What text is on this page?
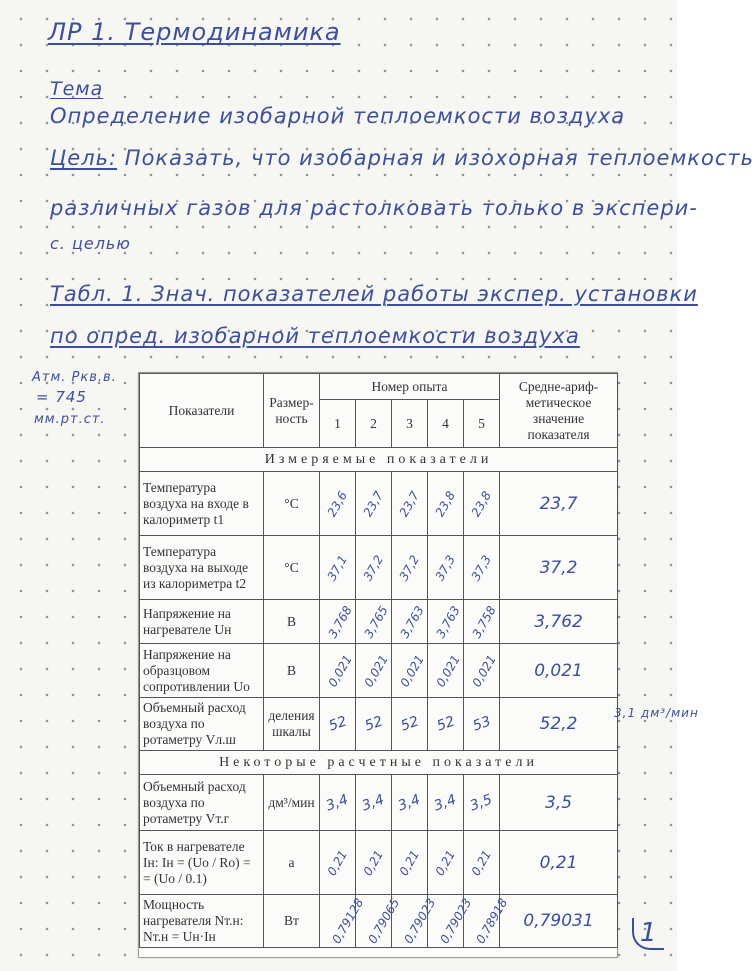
ЛР 1. Термодинамика
Тема
Определение изобарной теплоемкости воздуха
Цель: Показать, что изобарная и изохорная теплоемкость
различных газов для растолковать только в экспери-
с. целью
Табл. 1. Знач. показателей работы экспер. установки
по опред. изобарной теплоемкости воздуха
Атм. Ркв.в.
= 745
мм.рт.ст.
Показатели	Размер-ность	Номер опыта					Средне-ариф-метическое значение показателя
		1	2	3	4	5	
Измеряемые показатели							
Температура воздуха на входе в калориметр t1	°C	23,6	23,7	23,7	23,8	23,8	23,7
Температура воздуха на выходе из калориметра t2	°C	37,1	37,2	37,2	37,3	37,3	37,2
Напряжение на нагревателе Uн	В	3,768	3,765	3,763	3,763	3,758	3,762
Напряжение на образцовом сопротивлении Uо	В	0,021	0,021	0,021	0,021	0,021	0,021
Объемный расход воздуха по ротаметру Vл.ш	деления шкалы	52	52	52	52	53	52,2
Некоторые расчетные показатели							
Объемный расход воздуха по ротаметру Vт.г	дм³/мин	3,4	3,4	3,4	3,4	3,5	3,5
Ток в нагревателе Iн: Iн = (Uо / Rо) = = (Uо / 0.1)	а	0,21	0,21	0,21	0,21	0,21	0,21
Мощность нагревателя Nт.н: Nт.н = Uн·Iн	Вт	0,79128	0,79065	0,79023	0,79023	0,78918	0,79031
3,1 дм³/мин
1
